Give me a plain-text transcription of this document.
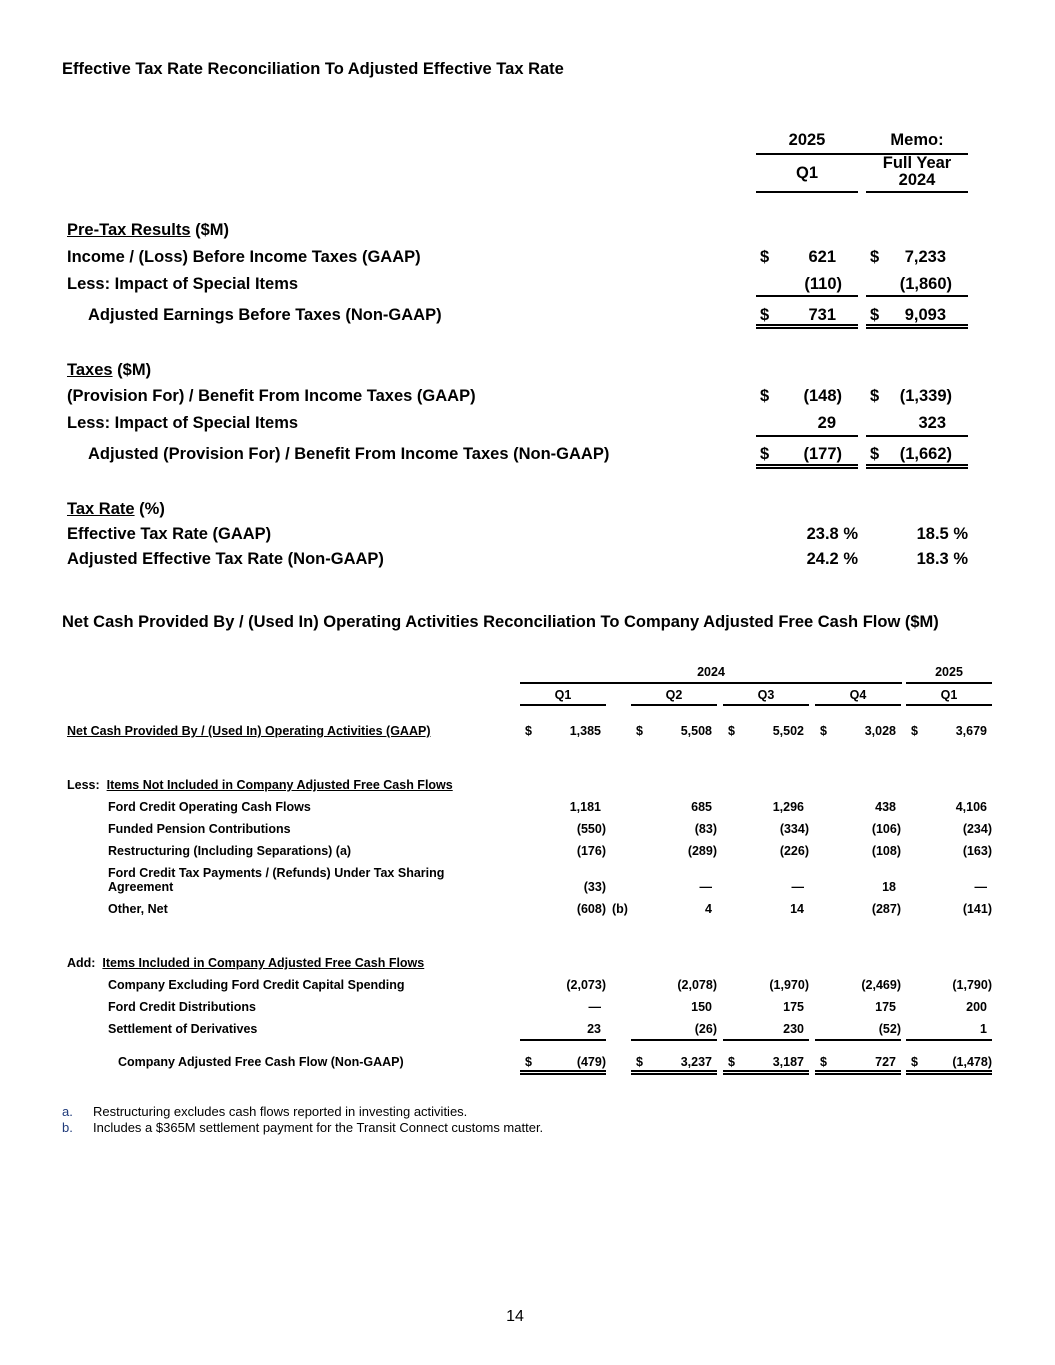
Effective Tax Rate Reconciliation To Adjusted Effective Tax Rate
2025	Memo:
Q1
Full Year
2024
Pre-Tax Results ($M)
Income / (Loss) Before Income Taxes (GAAP)	$	621 $	7,233
Less: Impact of Special Items	(110)	(1,860)
Adjusted Earnings Before Taxes (Non-GAAP)	$	731 $	9,093
Taxes ($M)
(Provision For) / Benefit From Income Taxes (GAAP)	$	(148) $	(1,339)
Less: Impact of Special Items	29	323
Adjusted (Provision For) / Benefit From Income Taxes (Non-GAAP)	$	(177) $	(1,662)
Tax Rate (%)
Effective Tax Rate (GAAP)	23.8 %	18.5 %
Adjusted Effective Tax Rate (Non-GAAP)	24.2 %	18.3 %
Net Cash Provided By / (Used In) Operating Activities Reconciliation To Company Adjusted Free Cash Flow ($M)
2024	2025
Q1	Q2	Q3	Q4	Q1
Net Cash Provided By / (Used In) Operating Activities (GAAP)	$	1,385	$	5,508 $	5,502 $	3,028 $	3,679
Less:  Items Not Included in Company Adjusted Free Cash Flows
Ford Credit Operating Cash Flows	1,181	685	1,296	438	4,106
Funded Pension Contributions	(550)	(83)	(334)	(106)	(234)
Restructuring (Including Separations) (a)	(176)	(289)	(226)	(108)	(163)
Ford Credit Tax Payments / (Refunds) Under Tax Sharing
Agreement	(33)	—	—	18	—
Other, Net	(608) (b)	4	14	(287)	(141)
Add:  Items Included in Company Adjusted Free Cash Flows
Company Excluding Ford Credit Capital Spending	(2,073)	(2,078)	(1,970)	(2,469)	(1,790)
Ford Credit Distributions	—	150	175	175	200
Settlement of Derivatives	23	(26)	230	(52)	1
Company Adjusted Free Cash Flow (Non-GAAP)	$	(479) $	3,237 $	3,187 $	727 $	(1,478)
a. Restructuring excludes cash flows reported in investing activities.
b. Includes a $365M settlement payment for the Transit Connect customs matter.
14
